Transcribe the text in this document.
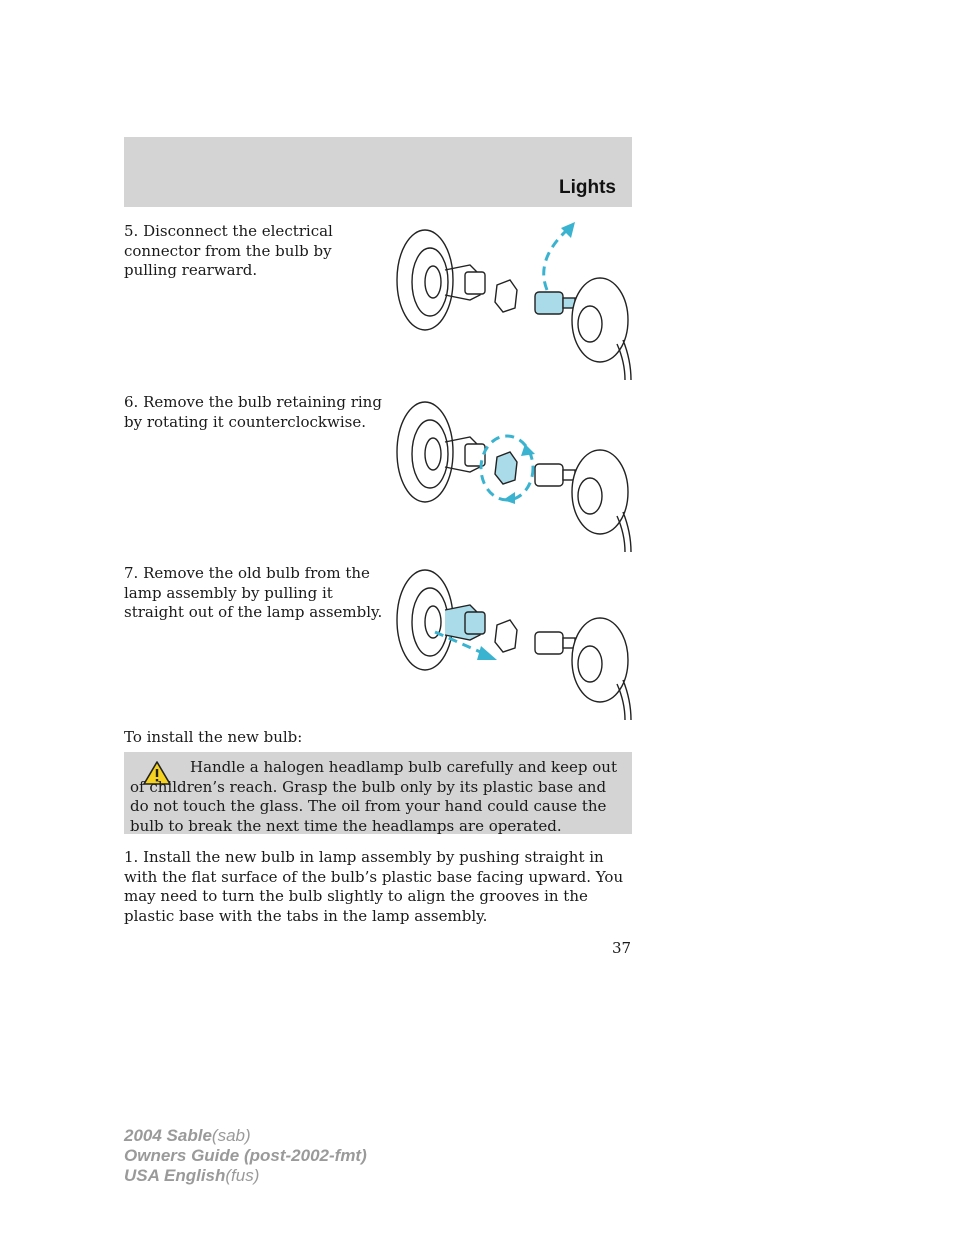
Lights
5. Disconnect the electrical connector from the bulb by pulling rearward.
6. Remove the bulb retaining ring by rotating it counterclockwise.
7. Remove the old bulb from the lamp assembly by pulling it straight out of the lamp assembly.
To install the new bulb:
Handle a halogen headlamp bulb carefully and keep out of children’s reach. Grasp the bulb only by its plastic base and do not touch the glass. The oil from your hand could cause the bulb to break the next time the headlamps are operated.
1. Install the new bulb in lamp assembly by pushing straight in with the flat surface of the bulb’s plastic base facing upward. You may need to turn the bulb slightly to align the grooves in the plastic base with the tabs in the lamp assembly.
37
2004 Sable(sab)
Owners Guide (post-2002-fmt)
USA English(fus)
